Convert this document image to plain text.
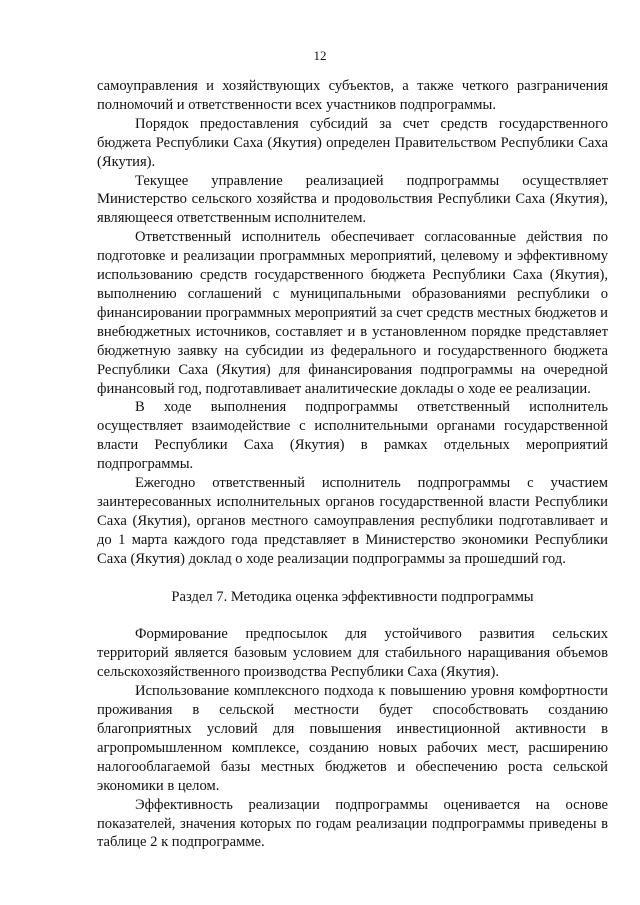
12

самоуправления и хозяйствующих субъектов, а также четкого разграничения полномочий и ответственности всех участников подпрограммы.

Порядок предоставления субсидий за счет средств государственного бюджета Республики Саха (Якутия) определен Правительством Республики Саха (Якутия).

Текущее управление реализацией подпрограммы осуществляет Министерство сельского хозяйства и продовольствия Республики Саха (Якутия), являющееся ответственным исполнителем.

Ответственный исполнитель обеспечивает согласованные действия по подготовке и реализации программных мероприятий, целевому и эффективному использованию средств государственного бюджета Республики Саха (Якутия), выполнению соглашений с муниципальными образованиями республики о финансировании программных мероприятий за счет средств местных бюджетов и внебюджетных источников, составляет и в установленном порядке представляет бюджетную заявку на субсидии из федерального и государственного бюджета Республики Саха (Якутия) для финансирования подпрограммы на очередной финансовый год, подготавливает аналитические доклады о ходе ее реализации.

В ходе выполнения подпрограммы ответственный исполнитель осуществляет взаимодействие с исполнительными органами государственной власти Республики Саха (Якутия) в рамках отдельных мероприятий подпрограммы.

Ежегодно ответственный исполнитель подпрограммы с участием заинтересованных исполнительных органов государственной власти Республики Саха (Якутия), органов местного самоуправления республики подготавливает и до 1 марта каждого года представляет в Министерство экономики Республики Саха (Якутия) доклад о ходе реализации подпрограммы за прошедший год.

Раздел 7. Методика оценка эффективности подпрограммы

Формирование предпосылок для устойчивого развития сельских территорий является базовым условием для стабильного наращивания объемов сельскохозяйственного производства Республики Саха (Якутия).

Использование комплексного подхода к повышению уровня комфортности проживания в сельской местности будет способствовать созданию благоприятных условий для повышения инвестиционной активности в агропромышленном комплексе, созданию новых рабочих мест, расширению налогооблагаемой базы местных бюджетов и обеспечению роста сельской экономики в целом.

Эффективность реализации подпрограммы оценивается на основе показателей, значения которых по годам реализации подпрограммы приведены в таблице 2 к подпрограмме.
